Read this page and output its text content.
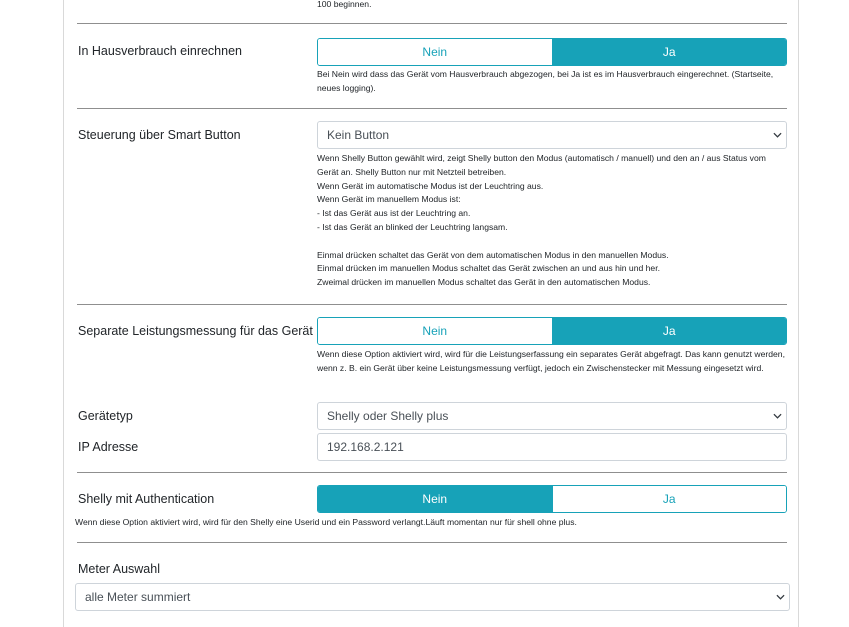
100 beginnen.
In Hausverbrauch einrechnen	Nein	Ja
Bei Nein wird dass das Gerät vom Hausverbrauch abgezogen, bei Ja ist es im Hausverbrauch eingerechnet. (Startseite, neues logging).
Steuerung über Smart Button	Kein Button
Wenn Shelly Button gewählt wird, zeigt Shelly button den Modus (automatisch / manuell) und den an / aus Status vom Gerät an. Shelly Button nur mit Netzteil betreiben.
Wenn Gerät im automatische Modus ist der Leuchtring aus.
Wenn Gerät im manuellem Modus ist:
- Ist das Gerät aus ist der Leuchtring an.
- Ist das Gerät an blinked der Leuchtring langsam.

Einmal drücken schaltet das Gerät von dem automatischen Modus in den manuellen Modus.
Einmal drücken im manuellen Modus schaltet das Gerät zwischen an und aus hin und her.
Zweimal drücken im manuellen Modus schaltet das Gerät in den automatischen Modus.
Separate Leistungsmessung für das Gerät	Nein	Ja
Wenn diese Option aktiviert wird, wird für die Leistungserfassung ein separates Gerät abgefragt. Das kann genutzt werden, wenn z. B. ein Gerät über keine Leistungsmessung verfügt, jedoch ein Zwischenstecker mit Messung eingesetzt wird.
Gerätetyp	Shelly oder Shelly plus
IP Adresse	192.168.2.121
Shelly mit Authentication	Nein	Ja
Wenn diese Option aktiviert wird, wird für den Shelly eine Userid und ein Password verlangt.Läuft momentan nur für shell ohne plus.
Meter Auswahl
alle Meter summiert
